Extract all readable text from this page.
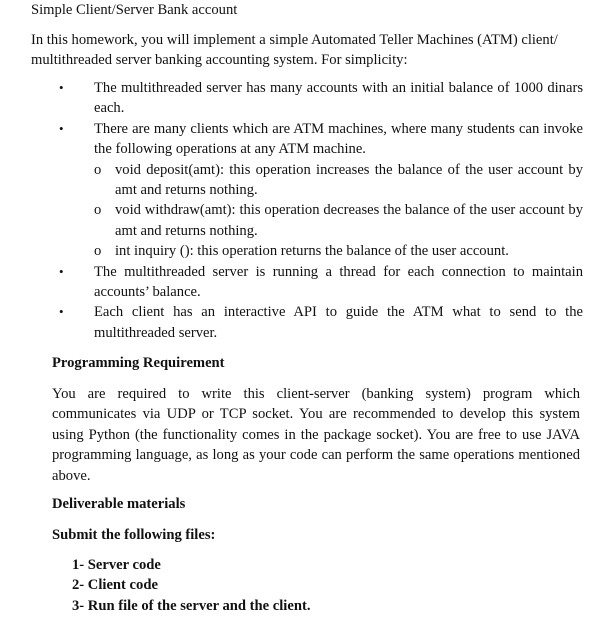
Simple Client/Server Bank account
In this homework, you will implement a simple Automated Teller Machines (ATM) client/ multithreaded server banking accounting system. For simplicity:
• The multithreaded server has many accounts with an initial balance of 1000 dinars each.
• There are many clients which are ATM machines, where many students can invoke the following operations at any ATM machine.
o void deposit(amt): this operation increases the balance of the user account by amt and returns nothing.
o void withdraw(amt): this operation decreases the balance of the user account by amt and returns nothing.
o int inquiry (): this operation returns the balance of the user account.
• The multithreaded server is running a thread for each connection to maintain accounts’ balance.
• Each client has an interactive API to guide the ATM what to send to the multithreaded server.
Programming Requirement
You are required to write this client-server (banking system) program which communicates via UDP or TCP socket. You are recommended to develop this system using Python (the functionality comes in the package socket). You are free to use JAVA programming language, as long as your code can perform the same operations mentioned above.
Deliverable materials
Submit the following files:
1- Server code
2- Client code
3- Run file of the server and the client.
